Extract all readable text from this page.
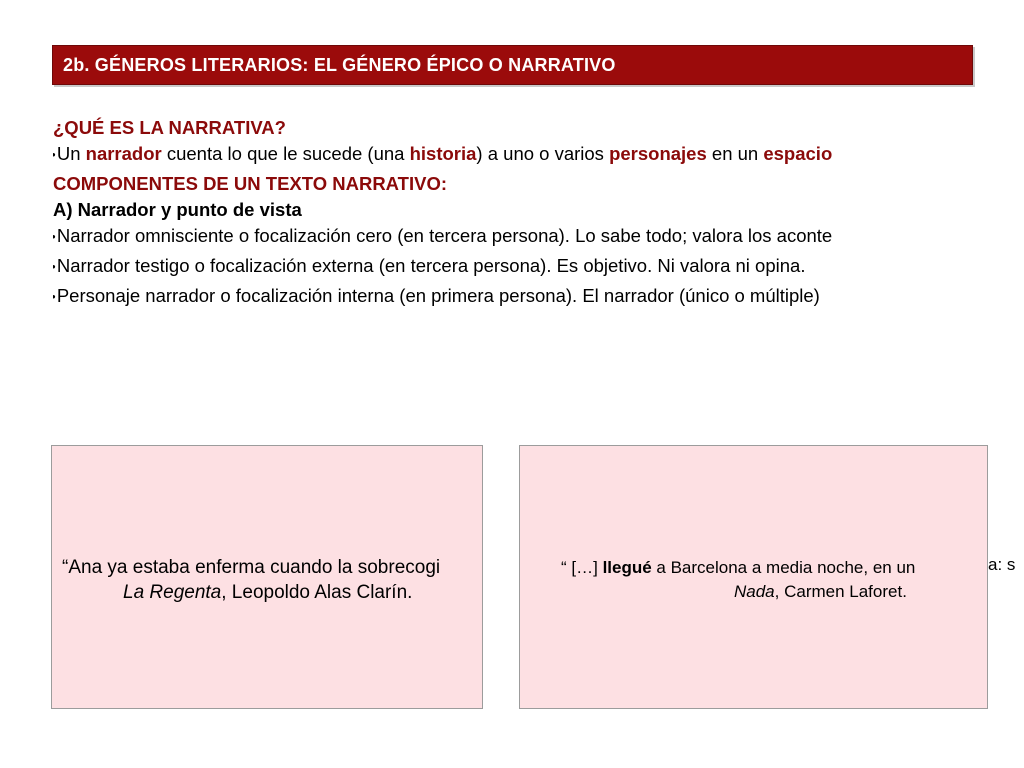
2b. GÉNEROS LITERARIOS: EL GÉNERO ÉPICO O NARRATIVO
¿QUÉ ES LA NARRATIVA?
● Un narrador cuenta lo que le sucede (una historia) a uno o varios personajes en un espacio
COMPONENTES DE UN TEXTO NARRATIVO:
A) Narrador y punto de vista
● Narrador omnisciente o focalización cero (en tercera persona). Lo sabe todo; valora los aconte
● Narrador testigo o focalización externa (en tercera persona). Es objetivo. Ni valora ni opina.
● Personaje narrador o focalización interna (en primera persona). El narrador (único o múltiple)
“Ana ya estaba enferma cuando la sobrecogi
La Regenta, Leopoldo Alas Clarín.
“ […] llegué a Barcelona a media noche, en un	a: s
Nada, Carmen Laforet.
